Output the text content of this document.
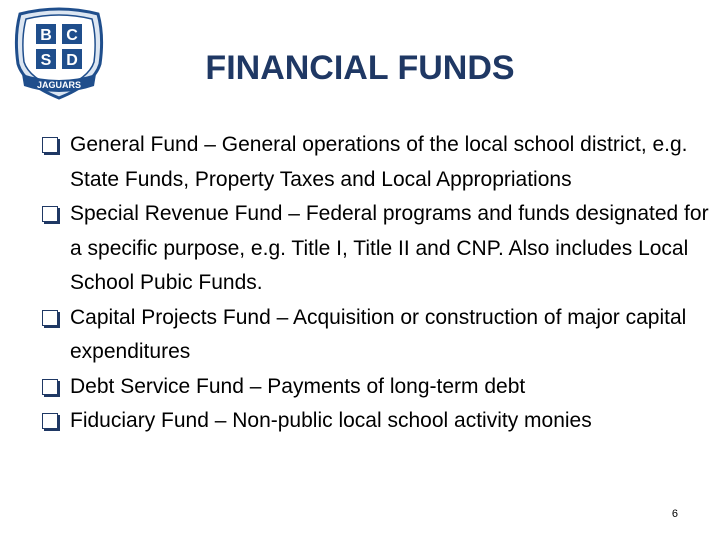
B C
S D
JAGUARS	FINANCIAL FUNDS
General Fund – General operations of the local school district, e.g. State Funds, Property Taxes and Local Appropriations
Special Revenue Fund – Federal programs and funds designated for a specific purpose, e.g. Title I, Title II and CNP. Also includes Local School Pubic Funds.
Capital Projects Fund – Acquisition or construction of major capital expenditures
Debt Service Fund – Payments of long-term debt
Fiduciary Fund – Non-public local school activity monies
6
